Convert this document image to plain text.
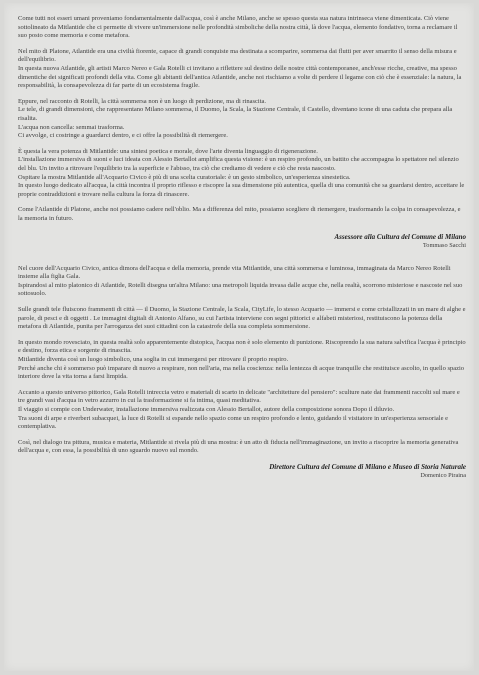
Come tutti noi esseri umani proveniamo fondamentalmente dall'acqua, così è anche Milano, anche se spesso questa sua natura intrinseca viene dimenticata. Ciò viene sottolineato da Mitlantide che ci permette di vivere un'immersione nelle profondità simboliche della nostra città, là dove l'acqua, elemento fondativo, torna a reclamare il suo posto come memoria e come metafora.

Nel mito di Platone, Atlantide era una civiltà fiorente, capace di grandi conquiste ma destinata a scomparire, sommersa dai flutti per aver smarrito il senso della misura e dell'equilibrio.
In questa nuova Atlantide, gli artisti Marco Nereo e Gala Rotelli ci invitano a riflettere sul destino delle nostre città contemporanee, anch'esse ricche, creative, ma spesso dimentiche dei significati profondi della vita. Come gli abitanti dell'antica Atlantide, anche noi rischiamo a volte di perdere il legame con ciò che è essenziale: la natura, la responsabilità, la consapevolezza di far parte di un ecosistema fragile.

Eppure, nel racconto di Rotelli, la città sommersa non è un luogo di perdizione, ma di rinascita.
Le tele, di grandi dimensioni, che rappresentano Milano sommersa, il Duomo, la Scala, la Stazione Centrale, il Castello, diventano icone di una caduta che prepara alla risalita.
L'acqua non cancella: semmai trasforma.
Ci avvolge, ci costringe a guardarci dentro, e ci offre la possibilità di riemergere.

È questa la vera potenza di Mitlantide: una sintesi poetica e morale, dove l'arte diventa linguaggio di rigenerazione.
L'installazione immersiva di suoni e luci ideata con Alessio Bertallot amplifica questa visione: è un respiro profondo, un battito che accompagna lo spettatore nel silenzio del blu. Un invito a ritrovare l'equilibrio tra la superficie e l'abisso, tra ciò che crediamo di vedere e ciò che resta nascosto.
Ospitare la mostra Mitlantide all'Acquario Civico è più di una scelta curatoriale: è un gesto simbolico, un'esperienza sinestetica.
In questo luogo dedicato all'acqua, la città incontra il proprio riflesso e riscopre la sua dimensione più autentica, quella di una comunità che sa guardarsi dentro, accettare le proprie contraddizioni e trovare nella cultura la forza di rinascere.

Come l'Atlantide di Platone, anche noi possiamo cadere nell'oblio. Ma a differenza del mito, possiamo scegliere di riemergere, trasformando la colpa in consapevolezza, e la memoria in futuro.

Assessore alla Cultura del Comune di Milano
Tommaso Sacchi

Nel cuore dell'Acquario Civico, antica dimora dell'acqua e della memoria, prende vita Mitlantide, una città sommersa e luminosa, immaginata da Marco Nereo Rotelli insieme alla figlia Gala.
Ispirandosi al mito platonico di Atlantide, Rotelli disegna un'altra Milano: una metropoli liquida invasa dalle acque che, nella realtà, scorrono misteriose e nascoste nel suo sottosuolo.

Sulle grandi tele fluiscono frammenti di città — il Duomo, la Stazione Centrale, la Scala, CityLife, lo stesso Acquario — immersi e come cristallizzati in un mare di alghe e parole, di pesci e di oggetti . Le immagini digitali di Antonio Alfano, su cui l'artista interviene con segni pittorici e alfabeti misteriosi, restituiscono la potenza della metafora di Atlantide, punita per l'arroganza dei suoi cittadini con la catastrofe della sua completa sommersione.

In questo mondo rovesciato, in questa realtà solo apparentemente distopica, l'acqua non è solo elemento di punizione. Riscoprendo la sua natura salvifica l'acqua è principio e destino, forza etica e sorgente di rinascita.
Mitlantide diventa così un luogo simbolico, una soglia in cui immergersi per ritrovare il proprio respiro.
Perché anche chi è sommerso può imparare di nuovo a respirare, non nell'aria, ma nella coscienza: nella lentezza di acque tranquille che restituisce ascolto, in quello spazio interiore dove la vita torna a farsi limpida.

Accanto a questo universo pittorico, Gala Rotelli intreccia vetro e materiali di scarto in delicate "architetture del pensiero": sculture nate dai frammenti raccolti sul mare e tre grandi vasi d'acqua in vetro azzurro in cui la trasformazione si fa intima, quasi meditativa.
Il viaggio si compie con Underwater, installazione immersiva realizzata con Alessio Bertallot, autore della composizione sonora Dopo il diluvio.
Tra suoni di arpe e riverberi subacquei, la luce di Rotelli si espande nello spazio come un respiro profondo e lento, guidando il visitatore in un'esperienza sensoriale e contemplativa.

Così, nel dialogo tra pittura, musica e materia, Mitlantide si rivela più di una mostra: è un atto di fiducia nell'immaginazione, un invito a riscoprire la memoria generativa dell'acqua e, con essa, la possibilità di uno sguardo nuovo sul mondo.

Direttore Cultura del Comune di Milano e Museo di Storia Naturale
Domenico Piraina
